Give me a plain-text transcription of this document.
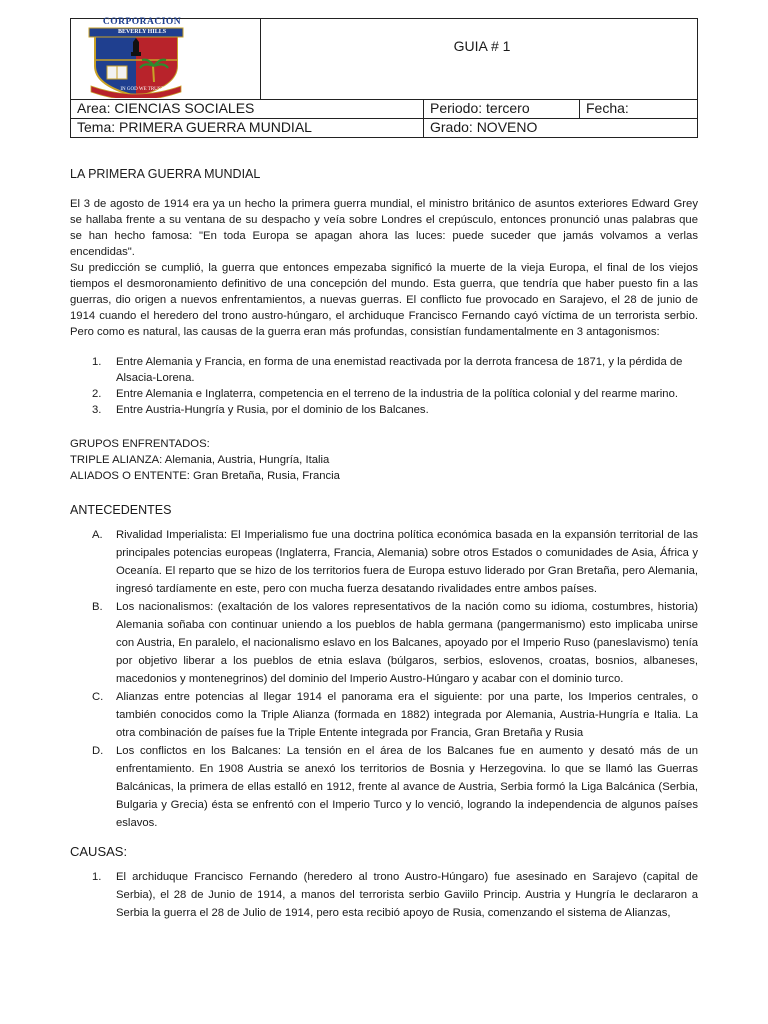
CORPORACION
BEVERLY HILLS
IN GOD WE TRUST
GUIA # 1
Area: CIENCIAS SOCIALES	Periodo: tercero	Fecha:
Tema: PRIMERA GUERRA MUNDIAL	Grado: NOVENO
LA PRIMERA GUERRA MUNDIAL

El 3 de agosto de 1914 era ya un hecho la primera guerra mundial, el ministro británico de asuntos exteriores Edward Grey se hallaba frente a su ventana de su despacho y veía sobre Londres el crepúsculo, entonces pronunció unas palabras que se han hecho famosa: "En toda Europa se apagan ahora las luces: puede suceder que jamás volvamos a verlas encendidas".

Su predicción se cumplió, la guerra que entonces empezaba significó la muerte de la vieja Europa, el final de los viejos tiempos el desmoronamiento definitivo de una concepción del mundo. Esta guerra, que tendría que haber puesto fin a las guerras, dio origen a nuevos enfrentamientos, a nuevas guerras. El conflicto fue provocado en Sarajevo, el 28 de junio de 1914 cuando el heredero del trono austro-húngaro, el archiduque Francisco Fernando cayó víctima de un terrorista serbio. Pero como es natural, las causas de la guerra eran más profundas, consistían fundamentalmente en 3 antagonismos:

1. Entre Alemania y Francia, en forma de una enemistad reactivada por la derrota francesa de 1871, y la pérdida de Alsacia-Lorena.
2. Entre Alemania e Inglaterra, competencia en el terreno de la industria de la política colonial y del rearme marino.
3. Entre Austria-Hungría y Rusia, por el dominio de los Balcanes.
GRUPOS ENFRENTADOS:
TRIPLE ALIANZA: Alemania, Austria, Hungría, Italia
ALIADOS O ENTENTE: Gran Bretaña, Rusia, Francia
ANTECEDENTES
A. Rivalidad Imperialista: El Imperialismo fue una doctrina política económica basada en la expansión territorial de las principales potencias europeas (Inglaterra, Francia, Alemania) sobre otros Estados o comunidades de Asia, África y Oceanía. El reparto que se hizo de los territorios fuera de Europa estuvo liderado por Gran Bretaña, pero Alemania, ingresó tardíamente en este, pero con mucha fuerza desatando rivalidades entre ambos países.
B. Los nacionalismos: (exaltación de los valores representativos de la nación como su idioma, costumbres, historia) Alemania soñaba con continuar uniendo a los pueblos de habla germana (pangermanismo) esto implicaba unirse con Austria, En paralelo, el nacionalismo eslavo en los Balcanes, apoyado por el Imperio Ruso (paneslavismo) tenía por objetivo liberar a los pueblos de etnia eslava (búlgaros, serbios, eslovenos, croatas, bosnios, albaneses, macedonios y montenegrinos) del dominio del Imperio Austro-Húngaro y acabar con el dominio turco.
C. Alianzas entre potencias al llegar 1914 el panorama era el siguiente: por una parte, los Imperios centrales, o también conocidos como la Triple Alianza (formada en 1882) integrada por Alemania, Austria-Hungría e Italia. La otra combinación de países fue la Triple Entente integrada por Francia, Gran Bretaña y Rusia
D. Los conflictos en los Balcanes: La tensión en el área de los Balcanes fue en aumento y desató más de un enfrentamiento. En 1908 Austria se anexó los territorios de Bosnia y Herzegovina. lo que se llamó las Guerras Balcánicas, la primera de ellas estalló en 1912, frente al avance de Austria, Serbia formó la Liga Balcánica (Serbia, Bulgaria y Grecia) ésta se enfrentó con el Imperio Turco y lo venció, logrando la independencia de algunos países eslavos.
CAUSAS:
1. El archiduque Francisco Fernando (heredero al trono Austro-Húngaro) fue asesinado en Sarajevo (capital de Serbia), el 28 de Junio de 1914, a manos del terrorista serbio Gaviilo Princip. Austria y Hungría le declararon a Serbia la guerra el 28 de Julio de 1914, pero esta recibió apoyo de Rusia, comenzando el sistema de Alianzas,
